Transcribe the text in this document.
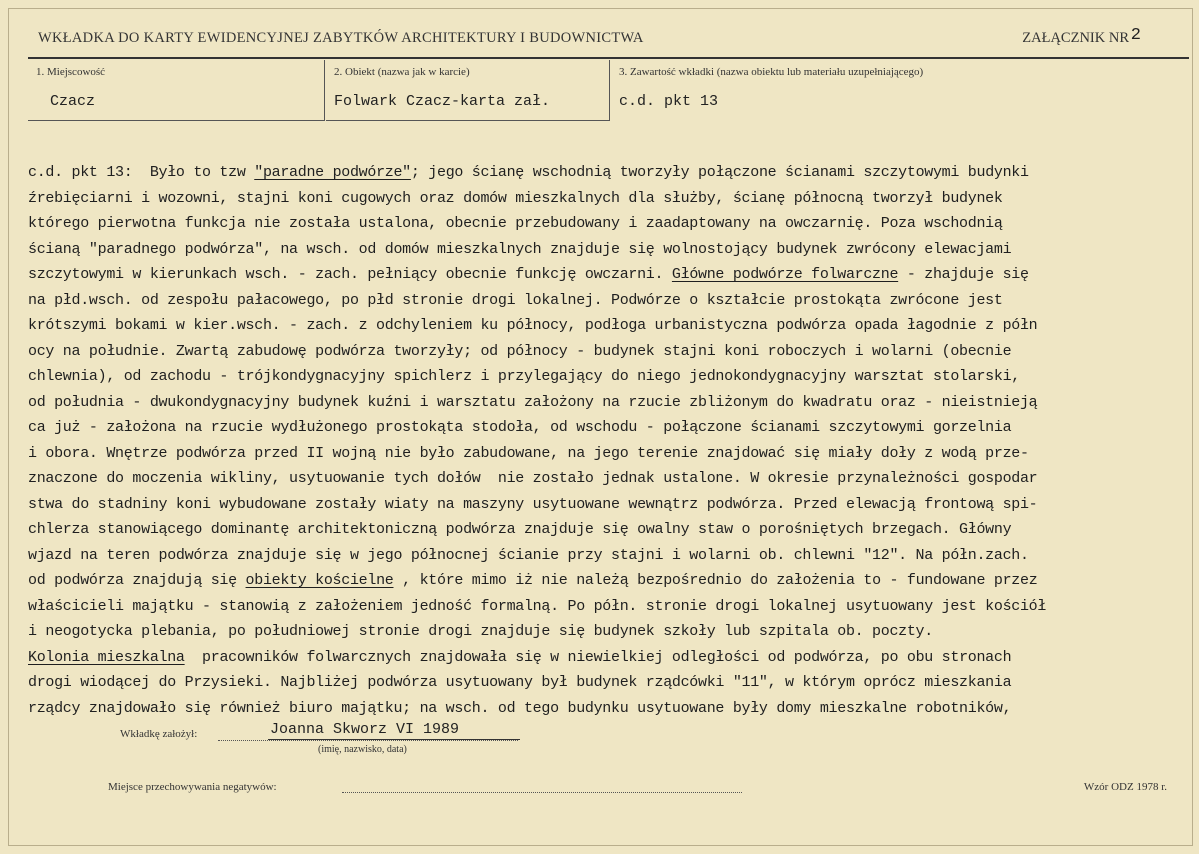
WKŁADKA DO KARTY EWIDENCYJNEJ ZABYTKÓW ARCHITEKTURY I BUDOWNICTWA	ZAŁĄCZNIK NR 2
1. Miejscowość
Czacz
2. Obiekt (nazwa jak w karcie)
Folwark Czacz-karta zał.
3. Zawartość wkładki (nazwa obiektu lub materiału uzupełniającego)
c.d. pkt 13
c.d. pkt 13:  Było to tzw "paradne podwórze"; jego ścianę wschodnią tworzyły połączone ścianami szczytowymi budynki
źrebięciarni i wozowni, stajni koni cugowych oraz domów mieszkalnych dla służby, ścianę północną tworzył budynek
którego pierwotna funkcja nie została ustalona, obecnie przebudowany i zaadaptowany na owczarnię. Poza wschodnią
ścianą "paradnego podwórza", na wsch. od domów mieszkalnych znajduje się wolnostojący budynek zwrócony elewacjami
szczytowymi w kierunkach wsch. - zach. pełniący obecnie funkcję owczarni. Główne podwórze folwarczne - zhajduje się
na płd.wsch. od zespołu pałacowego, po płd stronie drogi lokalnej. Podwórze o kształcie prostokąta zwrócone jest
krótszymi bokami w kier.wsch. - zach. z odchyleniem ku północy, podłoga urbanistyczna podwórza opada łagodnie z półn
ocy na południe. Zwartą zabudowę podwórza tworzyły; od północy - budynek stajni koni roboczych i wolarni (obecnie
chlewnia), od zachodu - trójkondygnacyjny spichlerz i przylegający do niego jednokondygnacyjny warsztat stolarski,
od południa - dwukondygnacyjny budynek kuźni i warsztatu założony na rzucie zbliżonym do kwadratu oraz - nieistnieją
ca już - założona na rzucie wydłużonego prostokąta stodoła, od wschodu - połączone ścianami szczytowymi gorzelnia
i obora. Wnętrze podwórza przed II wojną nie było zabudowane, na jego terenie znajdować się miały doły z wodą prze-
znaczone do moczenia wikliny, usytuowanie tych dołów  nie zostało jednak ustalone. W okresie przynależności gospodar
stwa do stadniny koni wybudowane zostały wiaty na maszyny usytuowane wewnątrz podwórza. Przed elewacją frontową spi-
chlerza stanowiącego dominantę architektoniczną podwórza znajduje się owalny staw o porośniętych brzegach. Główny
wjazd na teren podwórza znajduje się w jego północnej ścianie przy stajni i wolarni ob. chlewni "12". Na półn.zach.
od podwórza znajdują się obiekty kościelne , które mimo iż nie należą bezpośrednio do założenia to - fundowane przez
właścicieli majątku - stanowią z założeniem jedność formalną. Po półn. stronie drogi lokalnej usytuowany jest kościół
i neogotycka plebania, po południowej stronie drogi znajduje się budynek szkoły lub szpitala ob. poczty.
Kolonia mieszkalna  pracowników folwarcznych znajdowała się w niewielkiej odległości od podwórza, po obu stronach
drogi wiodącej do Przysieki. Najbliżej podwórza usytuowany był budynek rządcówki "11", w którym oprócz mieszkania
rządcy znajdowało się również biuro majątku; na wsch. od tego budynku usytuowane były domy mieszkalne robotników,
Wkładkę założył:	Joanna Skworz VI 1989
(imię, nazwisko, data)
Miejsce przechowywania negatywów:	Wzór ODZ 1978 r.
